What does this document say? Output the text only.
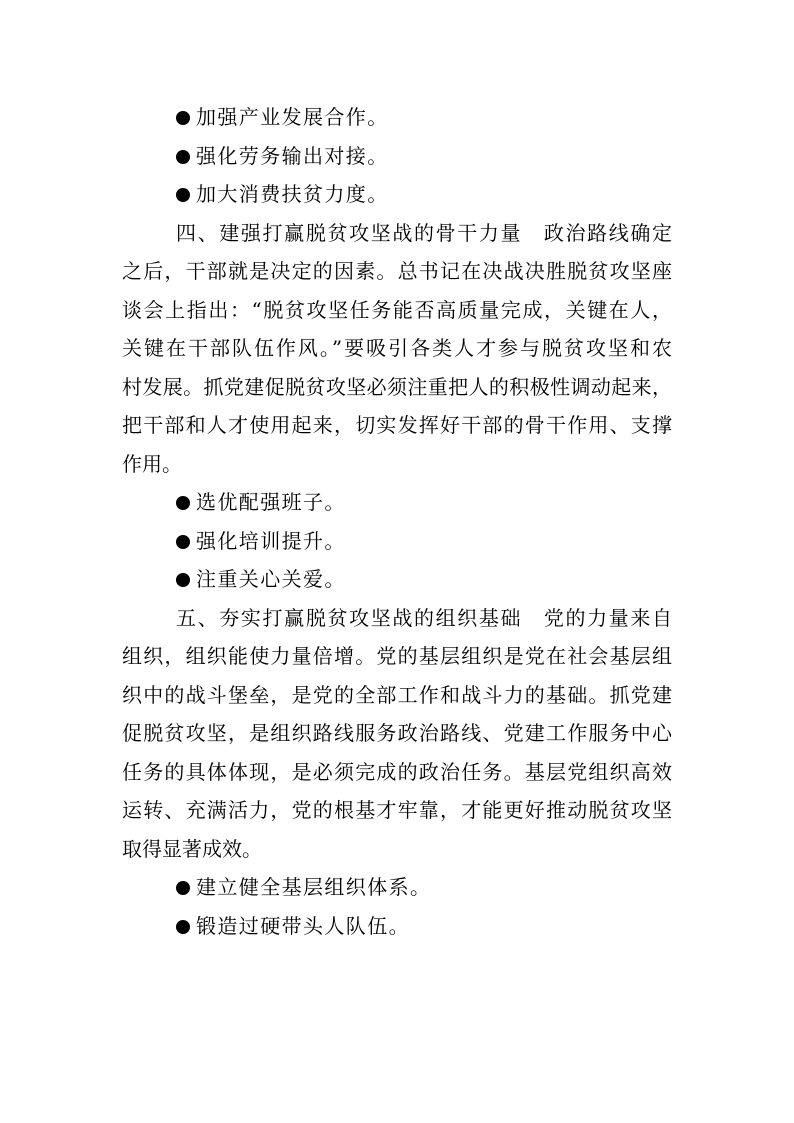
加强产业发展合作。
强化劳务输出对接。
加大消费扶贫力度。
四、建强打赢脱贫攻坚战的骨干力量　政治路线确定
之后，干部就是决定的因素。总书记在决战决胜脱贫攻坚座
谈会上指出：“脱贫攻坚任务能否高质量完成，关键在人，
关键在干部队伍作风。”要吸引各类人才参与脱贫攻坚和农
村发展。抓党建促脱贫攻坚必须注重把人的积极性调动起来，
把干部和人才使用起来，切实发挥好干部的骨干作用、支撑
作用。
选优配强班子。
强化培训提升。
注重关心关爱。
五、夯实打赢脱贫攻坚战的组织基础　党的力量来自
组织，组织能使力量倍增。党的基层组织是党在社会基层组
织中的战斗堡垒，是党的全部工作和战斗力的基础。抓党建
促脱贫攻坚，是组织路线服务政治路线、党建工作服务中心
任务的具体体现，是必须完成的政治任务。基层党组织高效
运转、充满活力，党的根基才牢靠，才能更好推动脱贫攻坚
取得显著成效。
建立健全基层组织体系。
锻造过硬带头人队伍。
